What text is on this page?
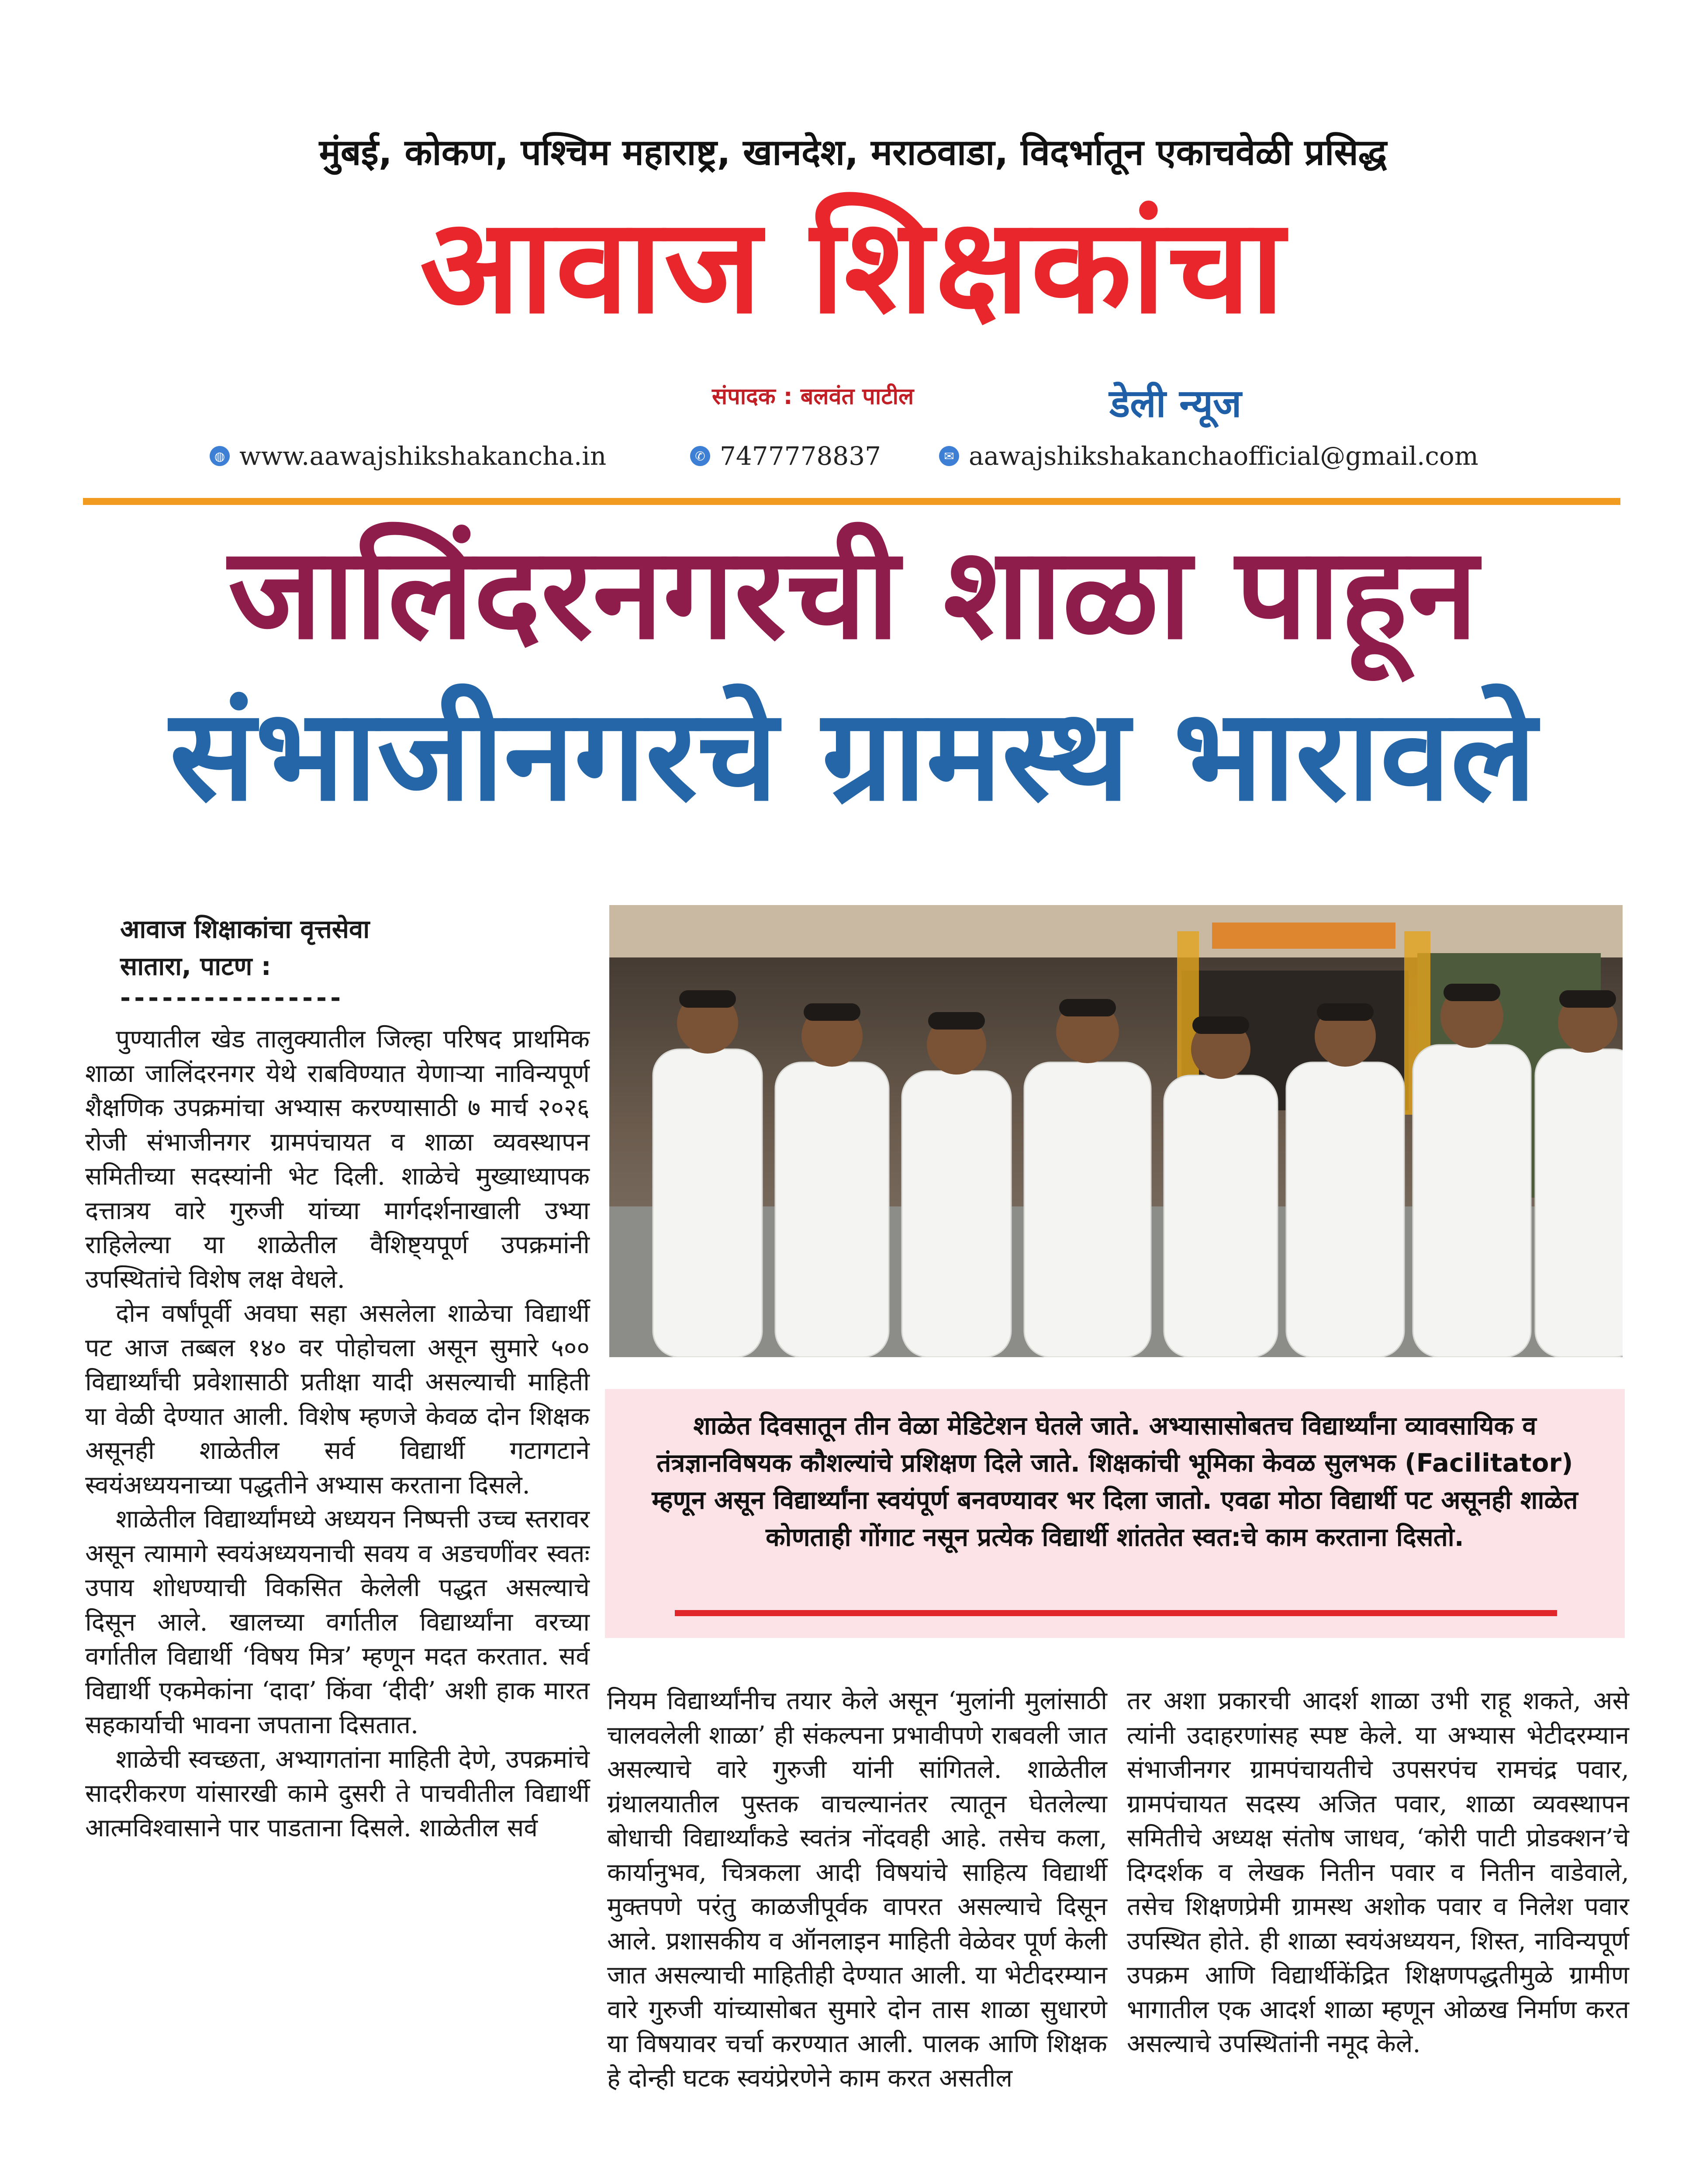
मुंबई, कोकण, पश्चिम महाराष्ट्र, खानदेश, मराठवाडा, विदर्भातून एकाचवेळी प्रसिद्ध
आवाज शिक्षकांचा
संपादक : बलवंत पाटील	डेली न्यूज
◍ www.aawajshikshakancha.in	✆ 7477778837	✉ aawajshikshakanchaofficial@gmail.com
जालिंदरनगरची शाळा पाहून
संभाजीनगरचे ग्रामस्थ भारावले
आवाज शिक्षाकांचा वृत्तसेवा
सातारा, पाटण :
----------------

पुण्यातील खेड तालुक्यातील जिल्हा परिषद प्राथमिक शाळा जालिंदरनगर येथे राबविण्यात येणाऱ्या नाविन्यपूर्ण शैक्षणिक उपक्रमांचा अभ्यास करण्यासाठी ७ मार्च २०२६ रोजी संभाजीनगर ग्रामपंचायत व शाळा व्यवस्थापन समितीच्या सदस्यांनी भेट दिली. शाळेचे मुख्याध्यापक दत्तात्रय वारे गुरुजी यांच्या मार्गदर्शनाखाली उभ्या राहिलेल्या या शाळेतील वैशिष्ट्यपूर्ण उपक्रमांनी उपस्थितांचे विशेष लक्ष वेधले.

दोन वर्षांपूर्वी अवघा सहा असलेला शाळेचा विद्यार्थी पट आज तब्बल १४० वर पोहोचला असून सुमारे ५०० विद्यार्थ्यांची प्रवेशासाठी प्रतीक्षा यादी असल्याची माहिती या वेळी देण्यात आली. विशेष म्हणजे केवळ दोन शिक्षक असूनही शाळेतील सर्व विद्यार्थी गटागटाने स्वयंअध्ययनाच्या पद्धतीने अभ्यास करताना दिसले.

शाळेतील विद्यार्थ्यांमध्ये अध्ययन निष्पत्ती उच्च स्तरावर असून त्यामागे स्वयंअध्ययनाची सवय व अडचणींवर स्वतः उपाय शोधण्याची विकसित केलेली पद्धत असल्याचे दिसून आले. खालच्या वर्गातील विद्यार्थ्यांना वरच्या वर्गातील विद्यार्थी ‘विषय मित्र’ म्हणून मदत करतात. सर्व विद्यार्थी एकमेकांना ‘दादा’ किंवा ‘दीदी’ अशी हाक मारत सहकार्याची भावना जपताना दिसतात.

शाळेची स्वच्छता, अभ्यागतांना माहिती देणे, उपक्रमांचे सादरीकरण यांसारखी कामे दुसरी ते पाचवीतील विद्यार्थी आत्मविश्वासाने पार पाडताना दिसले. शाळेतील सर्व

शाळेत दिवसातून तीन वेळा मेडिटेशन घेतले जाते. अभ्यासासोबतच विद्यार्थ्यांना व्यावसायिक व तंत्रज्ञानविषयक कौशल्यांचे प्रशिक्षण दिले जाते. शिक्षकांची भूमिका केवळ सुलभक (Facilitator) म्हणून असून विद्यार्थ्यांना स्वयंपूर्ण बनवण्यावर भर दिला जातो. एवढा मोठा विद्यार्थी पट असूनही शाळेत कोणताही गोंगाट नसून प्रत्येक विद्यार्थी शांततेत स्वत:चे काम करताना दिसतो.
नियम विद्यार्थ्यांनीच तयार केले असून ‘मुलांनी मुलांसाठी चालवलेली शाळा’ ही संकल्पना प्रभावीपणे राबवली जात असल्याचे वारे गुरुजी यांनी सांगितले. शाळेतील ग्रंथालयातील पुस्तक वाचल्यानंतर त्यातून घेतलेल्या बोधाची विद्यार्थ्यांकडे स्वतंत्र नोंदवही आहे. तसेच कला, कार्यानुभव, चित्रकला आदी विषयांचे साहित्य विद्यार्थी मुक्तपणे परंतु काळजीपूर्वक वापरत असल्याचे दिसून आले. प्रशासकीय व ऑनलाइन माहिती वेळेवर पूर्ण केली जात असल्याची माहितीही देण्यात आली. या भेटीदरम्यान वारे गुरुजी यांच्यासोबत सुमारे दोन तास शाळा सुधारणे या विषयावर चर्चा करण्यात आली. पालक आणि शिक्षक हे दोन्ही घटक स्वयंप्रेरणेने काम करत असतील
तर अशा प्रकारची आदर्श शाळा उभी राहू शकते, असे त्यांनी उदाहरणांसह स्पष्ट केले. या अभ्यास भेटीदरम्यान संभाजीनगर ग्रामपंचायतीचे उपसरपंच रामचंद्र पवार, ग्रामपंचायत सदस्य अजित पवार, शाळा व्यवस्थापन समितीचे अध्यक्ष संतोष जाधव, ‘कोरी पाटी प्रोडक्शन’चे दिग्दर्शक व लेखक नितीन पवार व नितीन वाडेवाले, तसेच शिक्षणप्रेमी ग्रामस्थ अशोक पवार व निलेश पवार उपस्थित होते. ही शाळा स्वयंअध्ययन, शिस्त, नाविन्यपूर्ण उपक्रम आणि विद्यार्थीकेंद्रित शिक्षणपद्धतीमुळे ग्रामीण भागातील एक आदर्श शाळा म्हणून ओळख निर्माण करत असल्याचे उपस्थितांनी नमूद केले.
